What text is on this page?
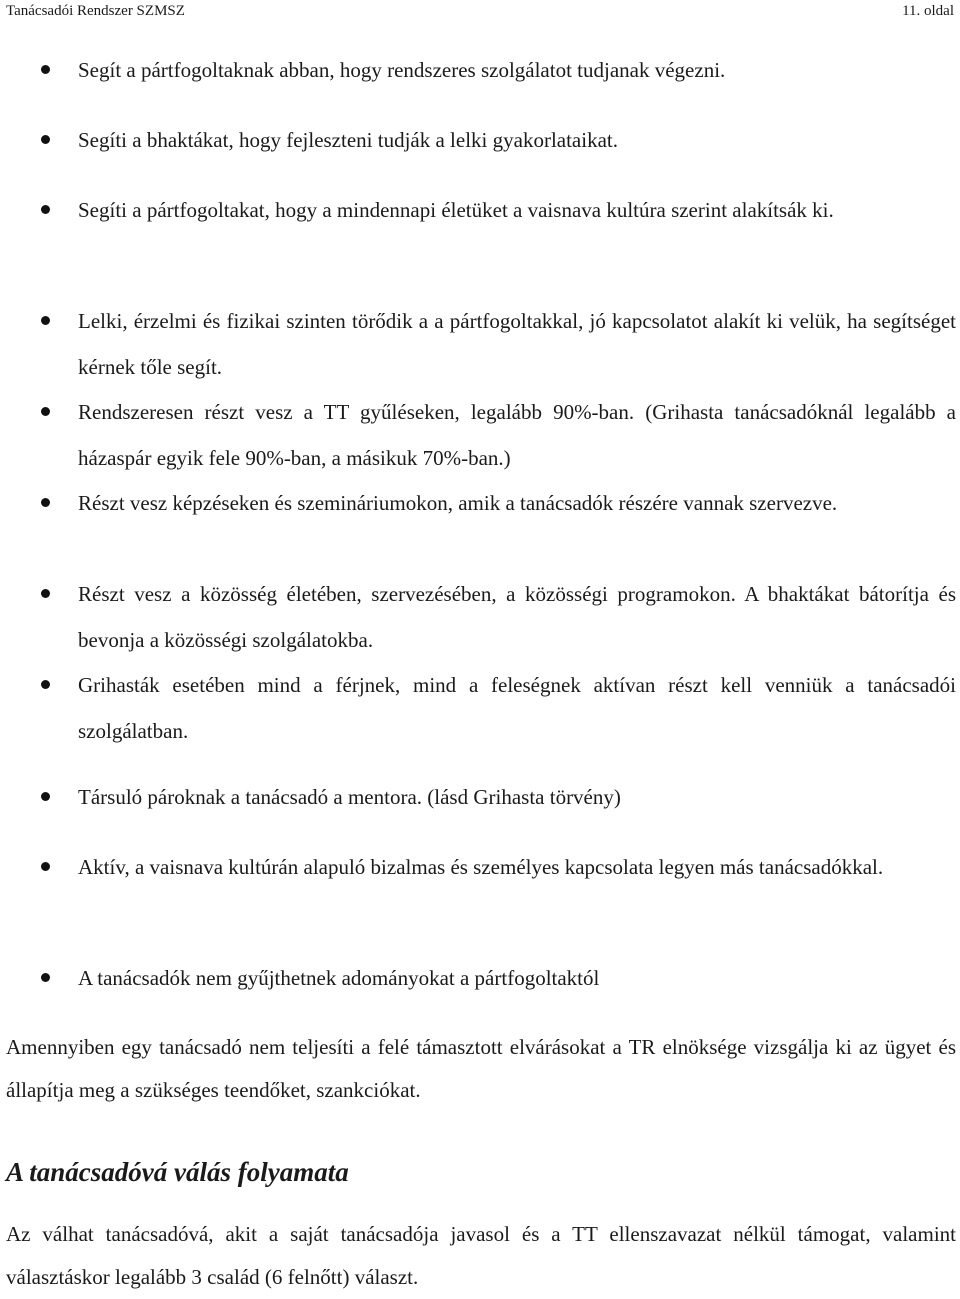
Tanácsadói Rendszer SZMSZ	11. oldal
Segít a pártfogoltaknak abban, hogy rendszeres szolgálatot tudjanak végezni.
Segíti a bhaktákat, hogy fejleszteni tudják a lelki gyakorlataikat.
Segíti a pártfogoltakat, hogy a mindennapi életüket a vaisnava kultúra szerint alakítsák ki.
Lelki, érzelmi és fizikai szinten törődik a a pártfogoltakkal, jó kapcsolatot alakít ki velük, ha segítséget kérnek tőle segít.
Rendszeresen részt vesz a TT gyűléseken, legalább 90%-ban. (Grihasta tanácsadóknál legalább a házaspár egyik fele 90%-ban, a másikuk 70%-ban.)
Részt vesz képzéseken és szemináriumokon, amik a tanácsadók részére vannak szervezve.
Részt vesz a közösség életében, szervezésében, a közösségi programokon. A bhaktákat bátorítja és bevonja a közösségi szolgálatokba.
Grihasták esetében mind a férjnek, mind a feleségnek aktívan részt kell venniük a tanácsadói szolgálatban.
Társuló pároknak a tanácsadó a mentora. (lásd Grihasta törvény)
Aktív, a vaisnava kultúrán alapuló bizalmas és személyes kapcsolata legyen más tanácsadókkal.
A tanácsadók nem gyűjthetnek adományokat a pártfogoltaktól
Amennyiben egy tanácsadó nem teljesíti a felé támasztott elvárásokat a TR elnöksége vizsgálja ki az ügyet és állapítja meg a szükséges teendőket, szankciókat.
A tanácsadóvá válás folyamata
Az válhat tanácsadóvá, akit a saját tanácsadója javasol és a TT ellenszavazat nélkül támogat, valamint választáskor legalább 3 család (6 felnőtt) választ.
